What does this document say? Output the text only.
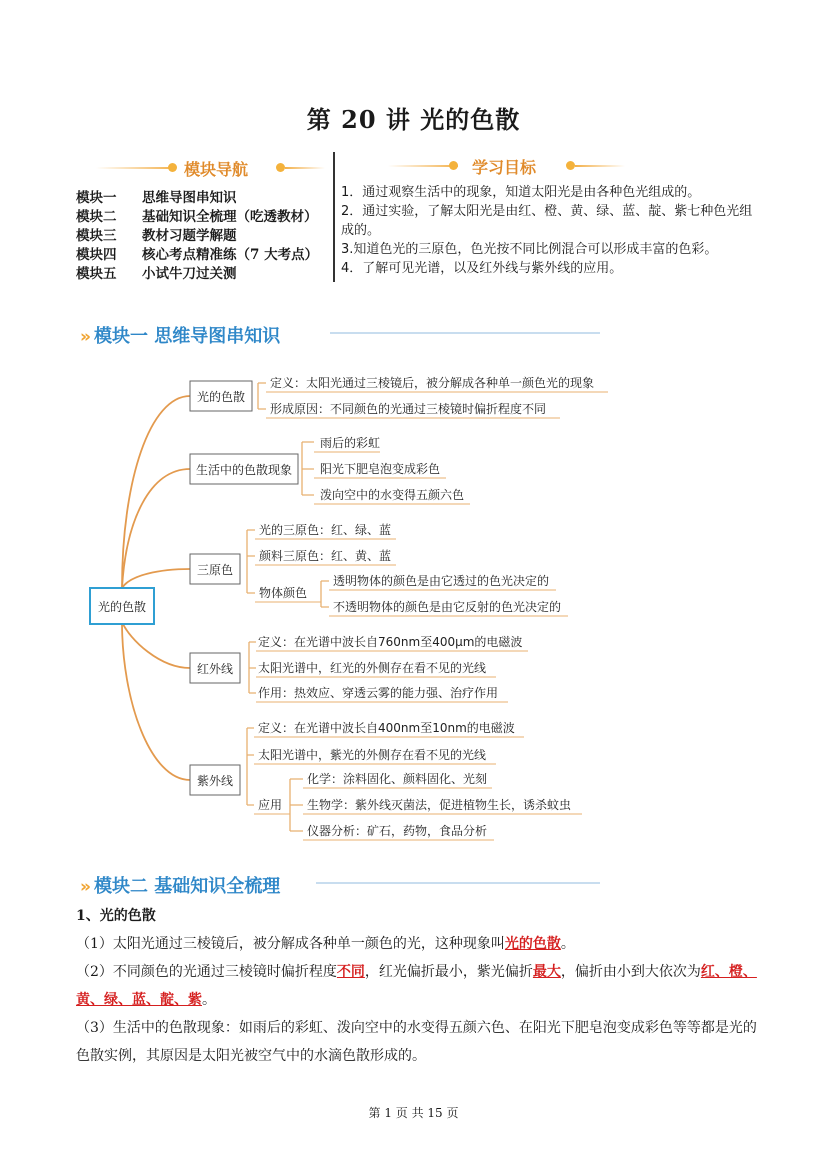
第 20 讲 光的色散
模块导航	学习目标
模块一 思维导图串知识
模块二 基础知识全梳理（吃透教材）
模块三 教材习题学解题
模块四 核心考点精准练（7 大考点）
模块五 小试牛刀过关测
1．通过观察生活中的现象，知道太阳光是由各种色光组成的。
2．通过实验，了解太阳光是由红、橙、黄、绿、蓝、靛、紫七种色光组成的。
3.知道色光的三原色，色光按不同比例混合可以形成丰富的色彩。
4．了解可见光谱，以及红外线与紫外线的应用。
›› 模块一 思维导图串知识
光的色散
光的色散
定义：太阳光通过三棱镜后，被分解成各种单一颜色光的现象
形成原因：不同颜色的光通过三棱镜时偏折程度不同
生活中的色散现象
雨后的彩虹
阳光下肥皂泡变成彩色
泼向空中的水变得五颜六色
三原色
光的三原色：红、绿、蓝
颜料三原色：红、黄、蓝
物体颜色
透明物体的颜色是由它透过的色光决定的
不透明物体的颜色是由它反射的色光决定的
红外线
定义：在光谱中波长自760nm至400μm的电磁波
太阳光谱中，红光的外侧存在看不见的光线
作用：热效应、穿透云雾的能力强、治疗作用
紫外线
定义：在光谱中波长自400nm至10nm的电磁波
太阳光谱中，紫光的外侧存在看不见的光线
应用
化学：涂料固化、颜料固化、光刻
生物学：紫外线灭菌法，促进植物生长，诱杀蚊虫
仪器分析：矿石，药物，食品分析
›› 模块二 基础知识全梳理
1、光的色散
（1）太阳光通过三棱镜后，被分解成各种单一颜色的光，这种现象叫光的色散。
（2）不同颜色的光通过三棱镜时偏折程度不同，红光偏折最小，紫光偏折最大，偏折由小到大依次为红、橙、黄、绿、蓝、靛、紫。
（3）生活中的色散现象：如雨后的彩虹、泼向空中的水变得五颜六色、在阳光下肥皂泡变成彩色等等都是光的色散实例，其原因是太阳光被空气中的水滴色散形成的。
第 1 页 共 15 页
